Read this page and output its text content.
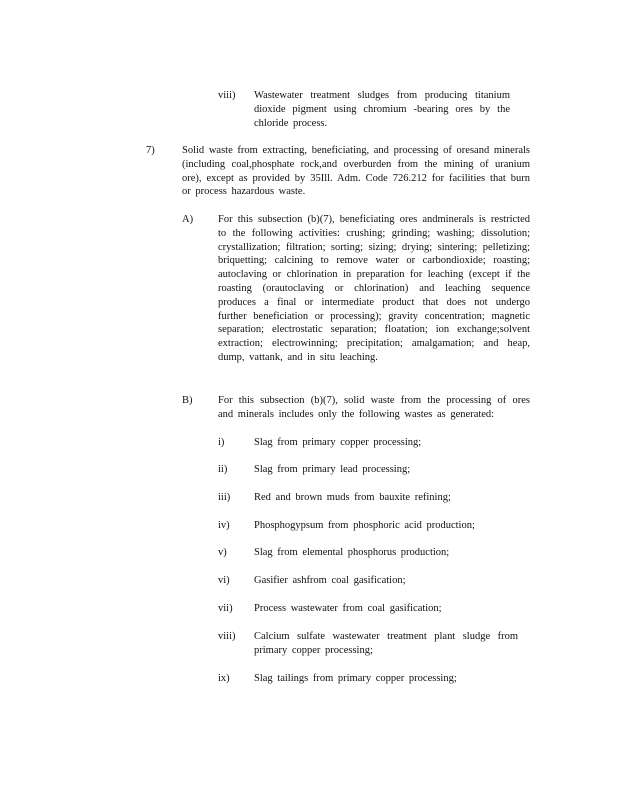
viii) Wastewater treatment sludges from producing titanium dioxide pigment using chromium -bearing ores by the chloride process.
7)	Solid waste from extracting, beneficiating, and processing of oresand minerals (including coal,phosphate rock,and overburden from the mining of uranium ore), except as provided by 35Ill. Adm. Code 726.212 for facilities that burn or process hazardous waste.
A) For this subsection (b)(7), beneficiating ores andminerals is restricted to the following activities: crushing; grinding; washing; dissolution; crystallization; filtration; sorting; sizing; drying; sintering; pelletizing; briquetting; calcining to remove water or carbondioxide; roasting; autoclaving or chlorination in preparation for leaching (except if the roasting (orautoclaving or chlorination) and leaching sequence produces a final or intermediate product that does not undergo further beneficiation or processing); gravity concentration; magnetic separation; electrostatic separation; floatation; ion exchange;solvent extraction; electrowinning; precipitation; amalgamation; and heap, dump, vattank, and in situ leaching.
B) For this subsection (b)(7), solid waste from the processing of ores and minerals includes only the following wastes as generated:
i)	Slag from primary copper processing;
ii)	Slag from primary lead processing;
iii) Red and brown muds from bauxite refining;
iv) Phosphogypsum from phosphoric acid production;
v)	Slag from elemental phosphorus production;
vi) Gasifier ashfrom coal gasification;
vii) Process wastewater from coal gasification;
viii) Calcium sulfate wastewater treatment plant sludge from primary copper processing;
ix) Slag tailings from primary copper processing;
